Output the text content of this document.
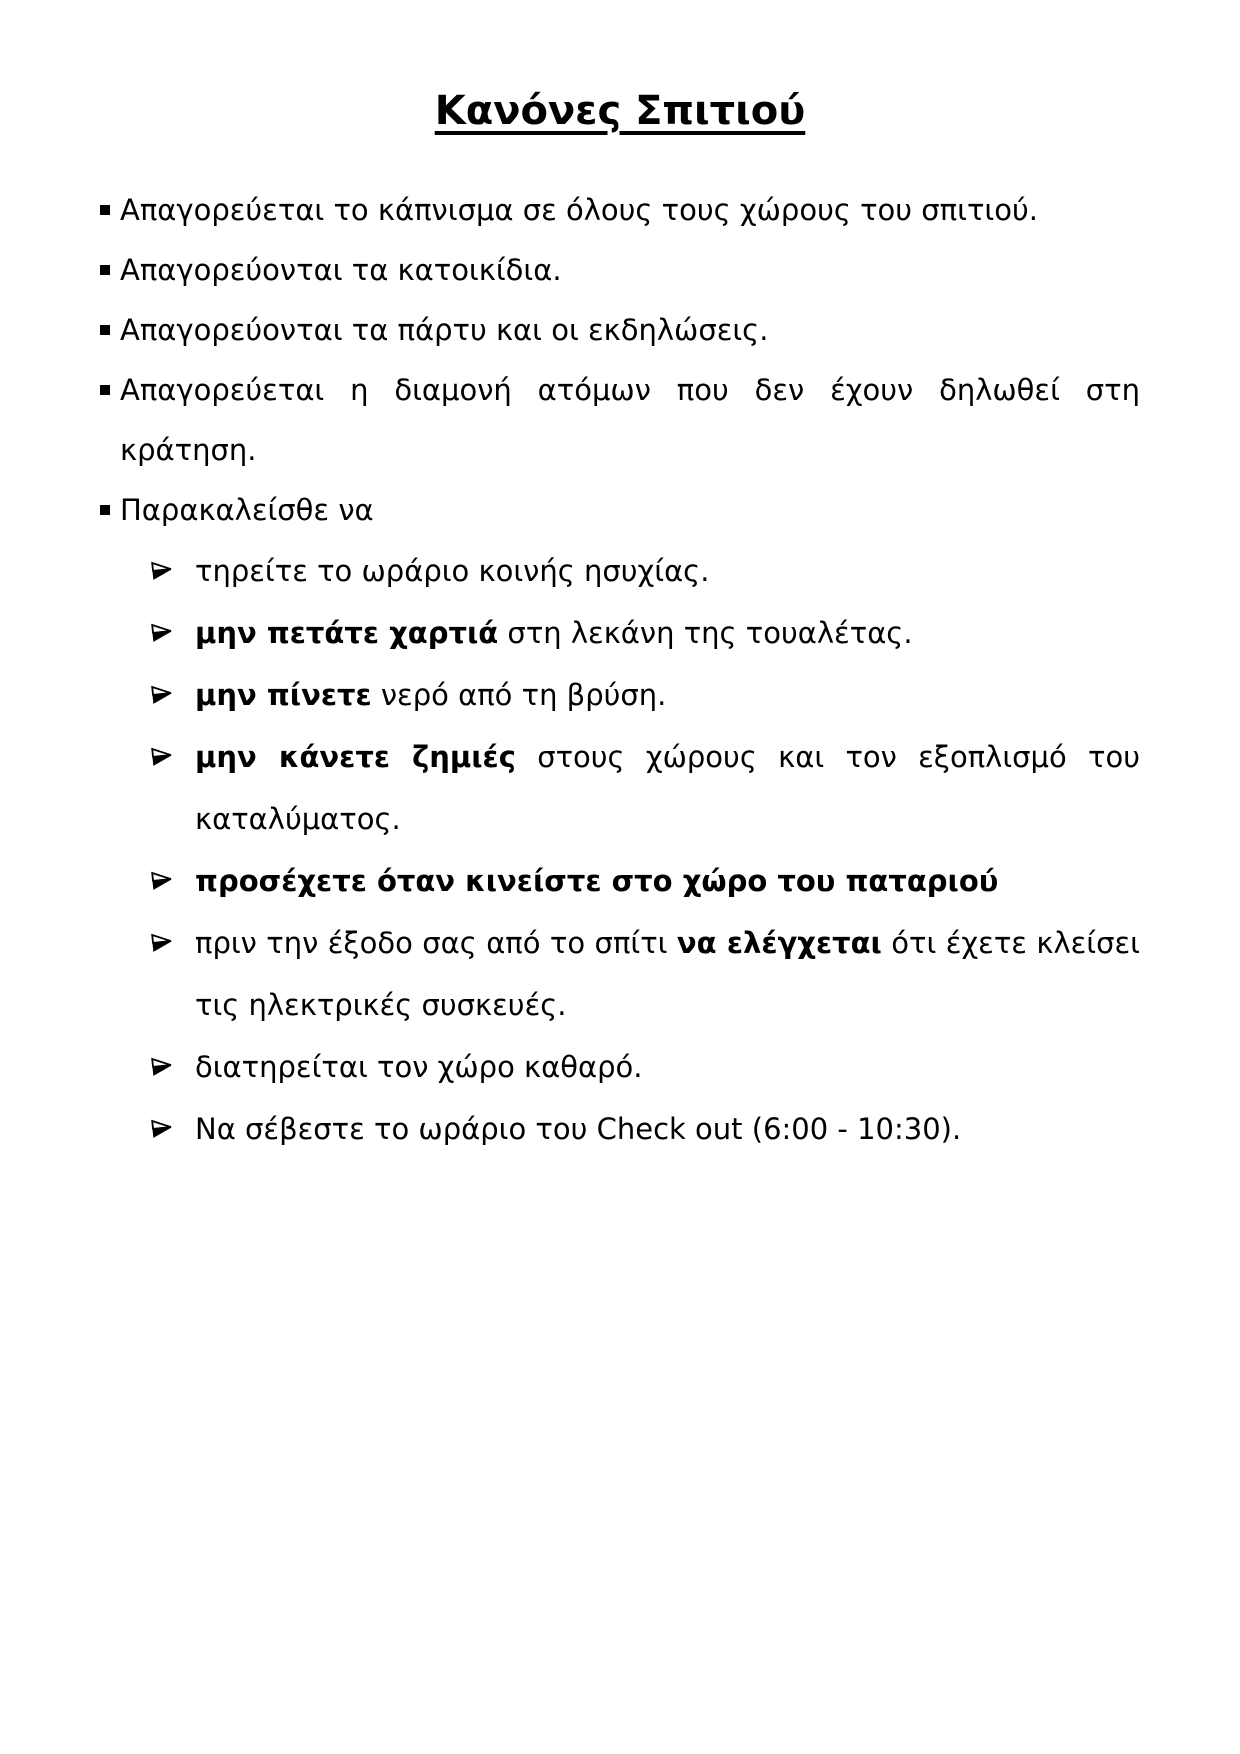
Κανόνες Σπιτιού
Απαγορεύεται το κάπνισμα σε όλους τους χώρους του σπιτιού.
Απαγορεύονται τα κατοικίδια.
Απαγορεύονται τα πάρτυ και οι εκδηλώσεις.
Απαγορεύεται η διαμονή ατόμων που δεν έχουν δηλωθεί στη κράτηση.
Παρακαλείσθε να
τηρείτε το ωράριο κοινής ησυχίας.
μην πετάτε χαρτιά στη λεκάνη της τουαλέτας.
μην πίνετε νερό από τη βρύση.
μην κάνετε ζημιές στους χώρους και τον εξοπλισμό του καταλύματος.
προσέχετε όταν κινείστε στο χώρο του παταριού
πριν την έξοδο σας από το σπίτι να ελέγχεται ότι έχετε κλείσει τις ηλεκτρικές συσκευές.
διατηρείται τον χώρο καθαρό.
Να σέβεστε το ωράριο του Check out (6:00 - 10:30).
